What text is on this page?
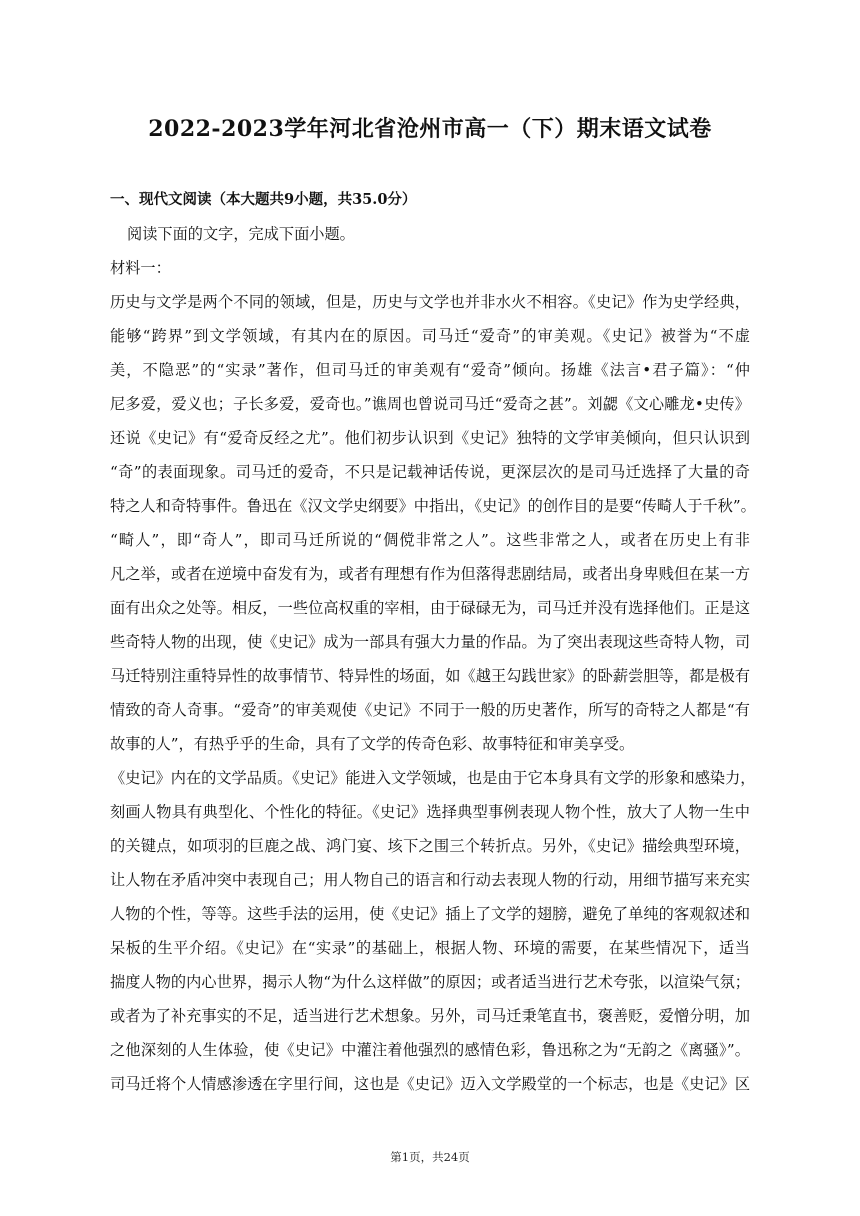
2022-2023学年河北省沧州市高一（下）期末语文试卷
一、现代文阅读（本大题共9小题，共35.0分）
阅读下面的文字，完成下面小题。
材料一：
历史与文学是两个不同的领域，但是，历史与文学也并非水火不相容。《史记》作为史学经典，
能够“跨界”到文学领域，有其内在的原因。司马迁“爱奇”的审美观。《史记》被誉为“不虚
美，不隐恶”的“实录”著作，但司马迁的审美观有“爱奇”倾向。扬雄《法言•君子篇》：“仲
尼多爱，爱义也；子长多爱，爱奇也。”谯周也曾说司马迁“爱奇之甚”。刘勰《文心雕龙•史传》
还说《史记》有“爱奇反经之尤”。他们初步认识到《史记》独特的文学审美倾向，但只认识到
“奇”的表面现象。司马迁的爱奇，不只是记载神话传说，更深层次的是司马迁选择了大量的奇
特之人和奇特事件。鲁迅在《汉文学史纲要》中指出，《史记》的创作目的是要“传畸人于千秋”。
“畸人”，即“奇人”，即司马迁所说的“倜傥非常之人”。这些非常之人，或者在历史上有非
凡之举，或者在逆境中奋发有为，或者有理想有作为但落得悲剧结局，或者出身卑贱但在某一方
面有出众之处等。相反，一些位高权重的宰相，由于碌碌无为，司马迁并没有选择他们。正是这
些奇特人物的出现，使《史记》成为一部具有强大力量的作品。为了突出表现这些奇特人物，司
马迁特别注重特异性的故事情节、特异性的场面，如《越王勾践世家》的卧薪尝胆等，都是极有
情致的奇人奇事。“爱奇”的审美观使《史记》不同于一般的历史著作，所写的奇特之人都是“有
故事的人”，有热乎乎的生命，具有了文学的传奇色彩、故事特征和审美享受。
《史记》内在的文学品质。《史记》能进入文学领域，也是由于它本身具有文学的形象和感染力，
刻画人物具有典型化、个性化的特征。《史记》选择典型事例表现人物个性，放大了人物一生中
的关键点，如项羽的巨鹿之战、鸿门宴、垓下之围三个转折点。另外，《史记》描绘典型环境，
让人物在矛盾冲突中表现自己；用人物自己的语言和行动去表现人物的行动，用细节描写来充实
人物的个性，等等。这些手法的运用，使《史记》插上了文学的翅膀，避免了单纯的客观叙述和
呆板的生平介绍。《史记》在“实录”的基础上，根据人物、环境的需要，在某些情况下，适当
揣度人物的内心世界，揭示人物“为什么这样做”的原因；或者适当进行艺术夸张，以渲染气氛；
或者为了补充事实的不足，适当进行艺术想象。另外，司马迁秉笔直书，褒善贬，爱憎分明，加
之他深刻的人生体验，使《史记》中灌注着他强烈的感情色彩，鲁迅称之为“无韵之《离骚》”。
司马迁将个人情感渗透在字里行间，这也是《史记》迈入文学殿堂的一个标志，也是《史记》区
第1页，共24页
